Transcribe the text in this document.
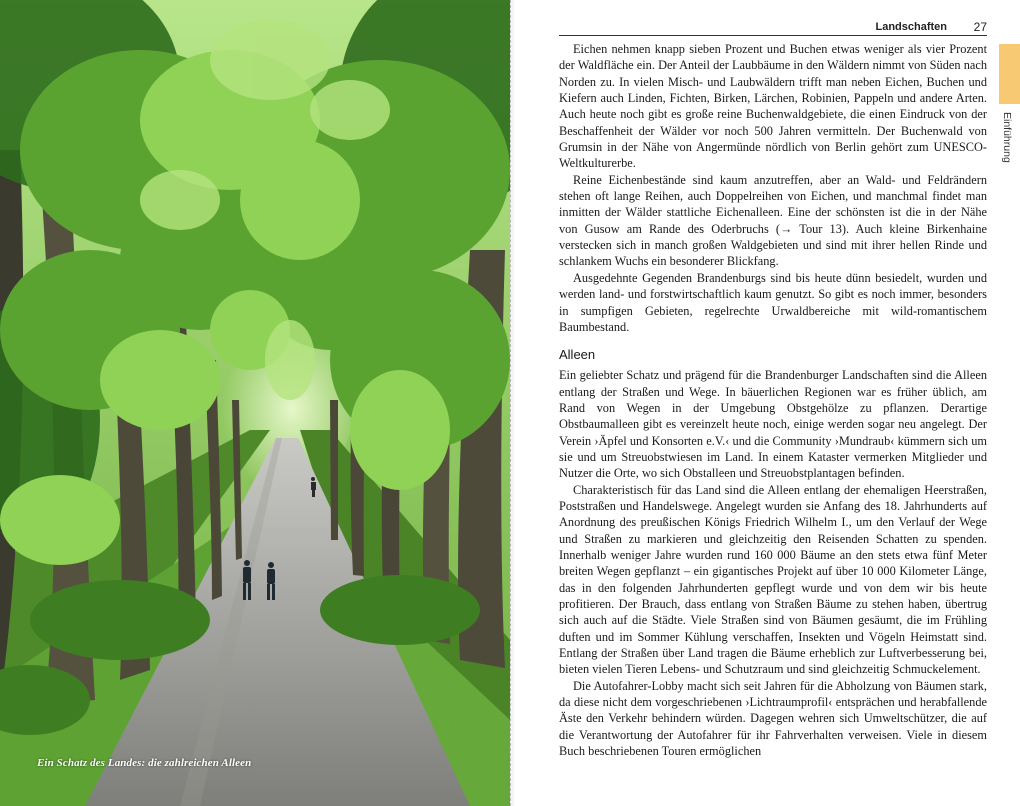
Ein Schatz des Landes: die zahlreichen Alleen
Landschaften 27
Einführung

Eichen nehmen knapp sieben Prozent und Buchen etwas weniger als vier Prozent der Waldfläche ein. Der Anteil der Laubbäume in den Wäldern nimmt von Süden nach Norden zu. In vielen Misch- und Laubwäldern trifft man neben Eichen, Buchen und Kiefern auch Linden, Fichten, Birken, Lärchen, Robinien, Pappeln und andere Arten. Auch heute noch gibt es große reine Buchenwaldgebiete, die einen Eindruck von der Beschaffenheit der Wälder vor noch 500 Jahren vermitteln. Der Buchenwald von Grumsin in der Nähe von Angermünde nördlich von Berlin gehört zum UNESCO-Weltkulturerbe.

Reine Eichenbestände sind kaum anzutreffen, aber an Wald- und Feldrändern stehen oft lange Reihen, auch Doppelreihen von Eichen, und manchmal findet man inmitten der Wälder stattliche Eichenalleen. Eine der schönsten ist die in der Nähe von Gusow am Rande des Oderbruchs (→ Tour 13). Auch kleine Birkenhaine verstecken sich in manch großen Waldgebieten und sind mit ihrer hellen Rinde und schlankem Wuchs ein besonderer Blickfang.

Ausgedehnte Gegenden Brandenburgs sind bis heute dünn besiedelt, wurden und werden land- und forstwirtschaftlich kaum genutzt. So gibt es noch immer, besonders in sumpfigen Gebieten, regelrechte Urwaldbereiche mit wild-romantischem Baumbestand.

Alleen

Ein geliebter Schatz und prägend für die Brandenburger Landschaften sind die Alleen entlang der Straßen und Wege. In bäuerlichen Regionen war es früher üblich, am Rand von Wegen in der Umgebung Obstgehölze zu pflanzen. Derartige Obstbaumalleen gibt es vereinzelt heute noch, einige werden sogar neu angelegt. Der Verein ›Äpfel und Konsorten e.V.‹ und die Community ›Mundraub‹ kümmern sich um sie und um Streuobstwiesen im Land. In einem Kataster vermerken Mitglieder und Nutzer die Orte, wo sich Obstalleen und Streuobstplantagen befinden.

Charakteristisch für das Land sind die Alleen entlang der ehemaligen Heerstraßen, Poststraßen und Handelswege. Angelegt wurden sie Anfang des 18. Jahrhunderts auf Anordnung des preußischen Königs Friedrich Wilhelm I., um den Verlauf der Wege und Straßen zu markieren und gleichzeitig den Reisenden Schatten zu spenden. Innerhalb weniger Jahre wurden rund 160 000 Bäume an den stets etwa fünf Meter breiten Wegen gepflanzt – ein gigantisches Projekt auf über 10 000 Kilometer Länge, das in den folgenden Jahrhunderten gepflegt wurde und von dem wir bis heute profitieren. Der Brauch, dass entlang von Straßen Bäume zu stehen haben, übertrug sich auch auf die Städte. Viele Straßen sind von Bäumen gesäumt, die im Frühling duften und im Sommer Kühlung verschaffen, Insekten und Vögeln Heimstatt sind. Entlang der Straßen über Land tragen die Bäume erheblich zur Luftverbesserung bei, bieten vielen Tieren Lebens- und Schutzraum und sind gleichzeitig Schmuckelement.

Die Autofahrer-Lobby macht sich seit Jahren für die Abholzung von Bäumen stark, da diese nicht dem vorgeschriebenen ›Lichtraumprofil‹ entsprächen und herabfallende Äste den Verkehr behindern würden. Dagegen wehren sich Umweltschützer, die auf die Verantwortung der Autofahrer für ihr Fahrverhalten verweisen. Viele in diesem Buch beschriebenen Touren ermöglichen
